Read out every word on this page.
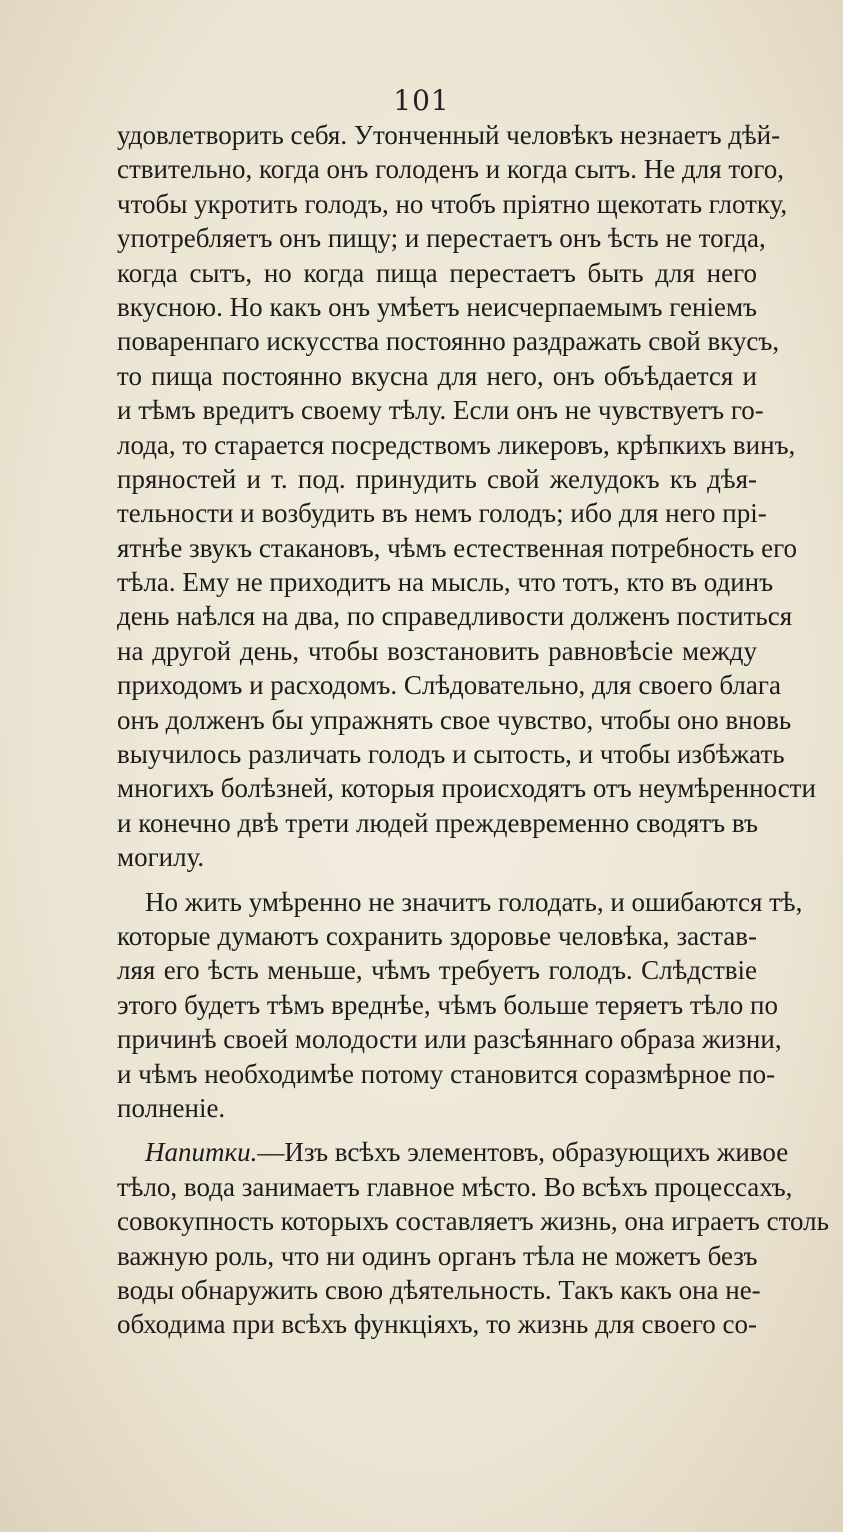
101
удовлетворить себя. Утонченный человѣкъ незнаетъ дѣй-
ствительно, когда онъ голоденъ и когда сытъ. Не для того,
чтобы укротить голодъ, но чтобъ пріятно щекотать глотку,
употребляетъ онъ пищу; и перестаетъ онъ ѣсть не тогда,
когда сытъ, но когда пища перестаетъ быть для него
вкусною. Но какъ онъ умѣетъ неисчерпаемымъ геніемъ
поваренпаго искусства постоянно раздражать свой вкусъ,
то пища постоянно вкусна для него, онъ объѣдается и
и тѣмъ вредитъ своему тѣлу. Если онъ не чувствуетъ го-
лода, то старается посредствомъ ликеровъ, крѣпкихъ винъ,
пряностей и т. под. принудить свой желудокъ къ дѣя-
тельности и возбудить въ немъ голодъ; ибо для него прі-
ятнѣе звукъ стакановъ, чѣмъ естественная потребность его
тѣла. Ему не приходитъ на мысль, что тотъ, кто въ одинъ
день наѣлся на два, по справедливости долженъ поститься
на другой день, чтобы возстановить равновѣсіе между
приходомъ и расходомъ. Слѣдовательно, для своего блага
онъ долженъ бы упражнять свое чувство, чтобы оно вновь
выучилось различать голодъ и сытость, и чтобы избѣжать
многихъ болѣзней, которыя происходятъ отъ неумѣренности
и конечно двѣ трети людей преждевременно сводятъ въ
могилу.
Но жить умѣренно не значитъ голодать, и ошибаются тѣ,
которые думаютъ сохранить здоровье человѣка, застав-
ляя его ѣсть меньше, чѣмъ требуетъ голодъ. Слѣдствіе
этого будетъ тѣмъ вреднѣе, чѣмъ больше теряетъ тѣло по
причинѣ своей молодости или разсѣяннаго образа жизни,
и чѣмъ необходимѣе потому становится соразмѣрное по-
полненіе.
Напитки.—Изъ всѣхъ элементовъ, образующихъ живое
тѣло, вода занимаетъ главное мѣсто. Во всѣхъ процессахъ,
совокупность которыхъ составляетъ жизнь, она играетъ столь
важную роль, что ни одинъ органъ тѣла не можетъ безъ
воды обнаружить свою дѣятельность. Такъ какъ она не-
обходима при всѣхъ функціяхъ, то жизнь для своего со-
